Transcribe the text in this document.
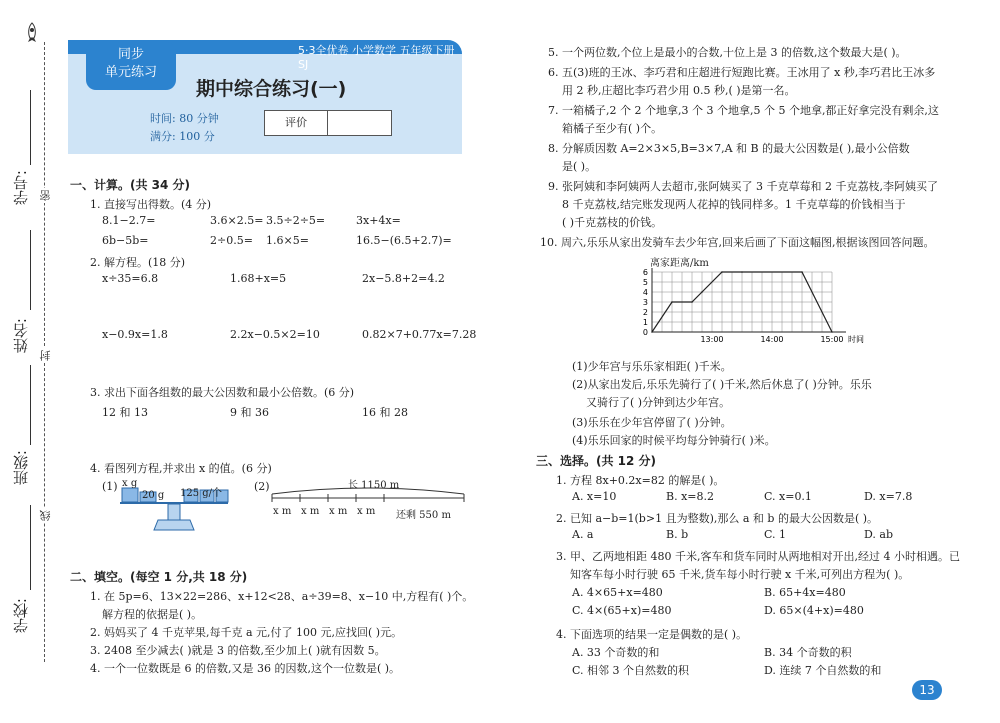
学号:
姓名:
班级:
学校:
密
封
线
同步
单元练习
5·3全优卷 小学数学 五年级下册 SJ
期中综合练习(一)
时间: 80 分钟
满分: 100 分
评价
一、计算。(共 34 分)
1. 直接写出得数。(4 分)
8.1−2.7=	3.6×2.5= 3.5÷2÷5=	3x+4x=
6b−5b=	2÷0.5= 1.6×5=	16.5−(6.5+2.7)=
2. 解方程。(18 分)
x÷35=6.8	1.68+x=5	2x−5.8+2=4.2
x−0.9x=1.8	2.2x−0.5×2=10	0.82×7+0.77x=7.28
3. 求出下面各组数的最大公因数和最小公倍数。(6 分)
12 和 13	9 和 36	16 和 28
4. 看图列方程,并求出 x 的值。(6 分)
(1) x g
20 g 125 g/个
(2)	长 1150 m
x m x m x m x m 还剩 550 m
二、填空。(每空 1 分,共 18 分)
1. 在 5p=6、13×22=286、x+12<28、a÷39=8、x−10 中,方程有( )个。
解方程的依据是( )。
2. 妈妈买了 4 千克苹果,每千克 a 元,付了 100 元,应找回( )元。
3. 2408 至少减去( )就是 3 的倍数,至少加上( )就有因数 5。
4. 一个一位数既是 6 的倍数,又是 36 的因数,这个一位数是( )。
5. 一个两位数,个位上是最小的合数,十位上是 3 的倍数,这个数最大是( )。
6. 五(3)班的王冰、李巧君和庄超进行短跑比赛。王冰用了 x 秒,李巧君比王冰多
用 2 秒,庄超比李巧君少用 0.5 秒,( )是第一名。
7. 一箱橘子,2 个 2 个地拿,3 个 3 个地拿,5 个 5 个地拿,都正好拿完没有剩余,这
箱橘子至少有( )个。
8. 分解质因数 A=2×3×5,B=3×7,A 和 B 的最大公因数是( ),最小公倍数
是( )。
9. 张阿姨和李阿姨两人去超市,张阿姨买了 3 千克草莓和 2 千克荔枝,李阿姨买了
8 千克荔枝,结完账发现两人花掉的钱同样多。1 千克草莓的价钱相当于
( )千克荔枝的价钱。
10. 周六,乐乐从家出发骑车去少年宫,回来后画了下面这幅图,根据该图回答问题。
离家距离/km
0
1
2
3
4
5
6
13:00	14:00	15:00 时间
(1)少年宫与乐乐家相距( )千米。
(2)从家出发后,乐乐先骑行了( )千米,然后休息了( )分钟。乐乐
又骑行了( )分钟到达少年宫。
(3)乐乐在少年宫停留了( )分钟。
(4)乐乐回家的时候平均每分钟骑行( )米。
三、选择。(共 12 分)
1. 方程 8x+0.2x=82 的解是( )。
A. x=10	B. x=8.2	C. x=0.1	D. x=7.8
2. 已知 a−b=1(b>1 且为整数),那么 a 和 b 的最大公因数是( )。
A. a	B. b	C. 1	D. ab
3. 甲、乙两地相距 480 千米,客车和货车同时从两地相对开出,经过 4 小时相遇。已
知客车每小时行驶 65 千米,货车每小时行驶 x 千米,可列出方程为( )。
A. 4×65+x=480	B. 65+4x=480
C. 4×(65+x)=480	D. 65×(4+x)=480
4. 下面选项的结果一定是偶数的是( )。
A. 33 个奇数的和	B. 34 个奇数的积
C. 相邻 3 个自然数的积	D. 连续 7 个自然数的和
13
